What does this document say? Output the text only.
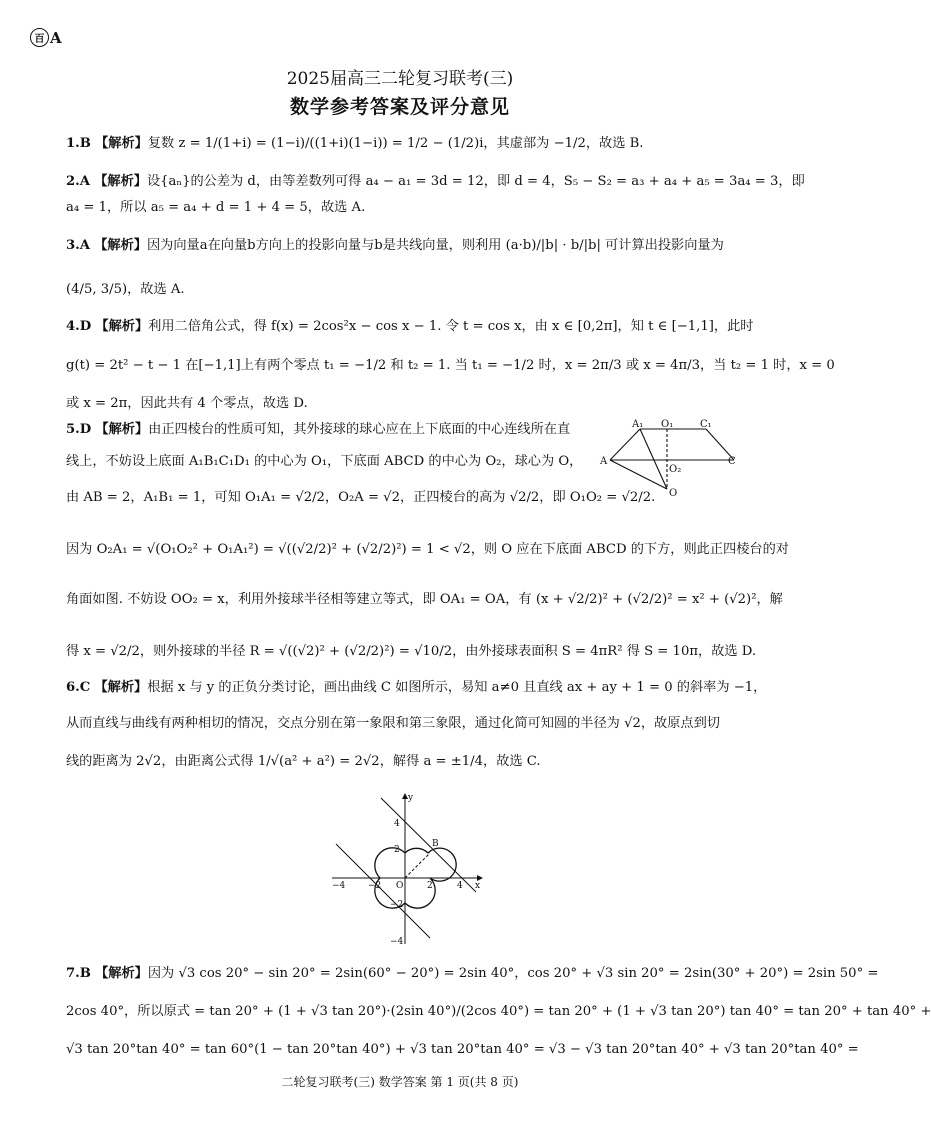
百 A
2025届高三二轮复习联考(三)
数学参考答案及评分意见
1.B 【解析】复数 z = 1/(1+i) = (1−i)/((1+i)(1−i)) = 1/2 − (1/2)i，其虚部为 −1/2，故选 B.
2.A 【解析】设{aₙ}的公差为 d，由等差数列可得 a₄ − a₁ = 3d = 12，即 d = 4，S₅ − S₂ = a₃ + a₄ + a₅ = 3a₄ = 3，即
a₄ = 1，所以 a₅ = a₄ + d = 1 + 4 = 5，故选 A.
3.A 【解析】因为向量a在向量b方向上的投影向量与b是共线向量，则利用 (a·b)/|b| · b/|b| 可计算出投影向量为
(4/5, 3/5)，故选 A.
4.D 【解析】利用二倍角公式，得 f(x) = 2cos²x − cos x − 1. 令 t = cos x，由 x ∈ [0,2π]，知 t ∈ [−1,1]，此时
g(t) = 2t² − t − 1 在[−1,1]上有两个零点 t₁ = −1/2 和 t₂ = 1. 当 t₁ = −1/2 时，x = 2π/3 或 x = 4π/3，当 t₂ = 1 时，x = 0
或 x = 2π，因此共有 4 个零点，故选 D.
5.D 【解析】由正四棱台的性质可知，其外接球的球心应在上下底面的中心连线所在直
线上，不妨设上底面 A₁B₁C₁D₁ 的中心为 O₁，下底面 ABCD 的中心为 O₂，球心为 O，
由 AB = 2，A₁B₁ = 1，可知 O₁A₁ = √2/2，O₂A = √2，正四棱台的高为 √2/2，即 O₁O₂ = √2/2.
因为 O₂A₁ = √(O₁O₂² + O₁A₁²) = √((√2/2)² + (√2/2)²) = 1 < √2，则 O 应在下底面 ABCD 的下方，则此正四棱台的对
角面如图. 不妨设 OO₂ = x，利用外接球半径相等建立等式，即 OA₁ = OA，有 (x + √2/2)² + (√2/2)² = x² + (√2)²，解
得 x = √2/2，则外接球的半径 R = √((√2)² + (√2/2)²) = √10/2，由外接球表面积 S = 4πR² 得 S = 10π，故选 D.
A₁ O₁	C₁
A
O₂
C
O
6.C 【解析】根据 x 与 y 的正负分类讨论，画出曲线 C 如图所示，易知 a≠0 且直线 ax + ay + 1 = 0 的斜率为 −1，
从而直线与曲线有两种相切的情况，交点分别在第一象限和第三象限，通过化简可知圆的半径为 √2，故原点到切
线的距离为 2√2，由距离公式得 1/√(a² + a²) = 2√2，解得 a = ±1/4，故选 C.
x
y
4
2
−2
−4
−4	−2 O	2	4
B
7.B 【解析】因为 √3 cos 20° − sin 20° = 2sin(60° − 20°) = 2sin 40°，cos 20° + √3 sin 20° = 2sin(30° + 20°) = 2sin 50° =
2cos 40°，所以原式 = tan 20° + (1 + √3 tan 20°)·(2sin 40°)/(2cos 40°) = tan 20° + (1 + √3 tan 20°) tan 40° = tan 20° + tan 40° +
√3 tan 20°tan 40° = tan 60°(1 − tan 20°tan 40°) + √3 tan 20°tan 40° = √3 − √3 tan 20°tan 40° + √3 tan 20°tan 40° =
二轮复习联考(三) 数学答案 第 1 页(共 8 页)
